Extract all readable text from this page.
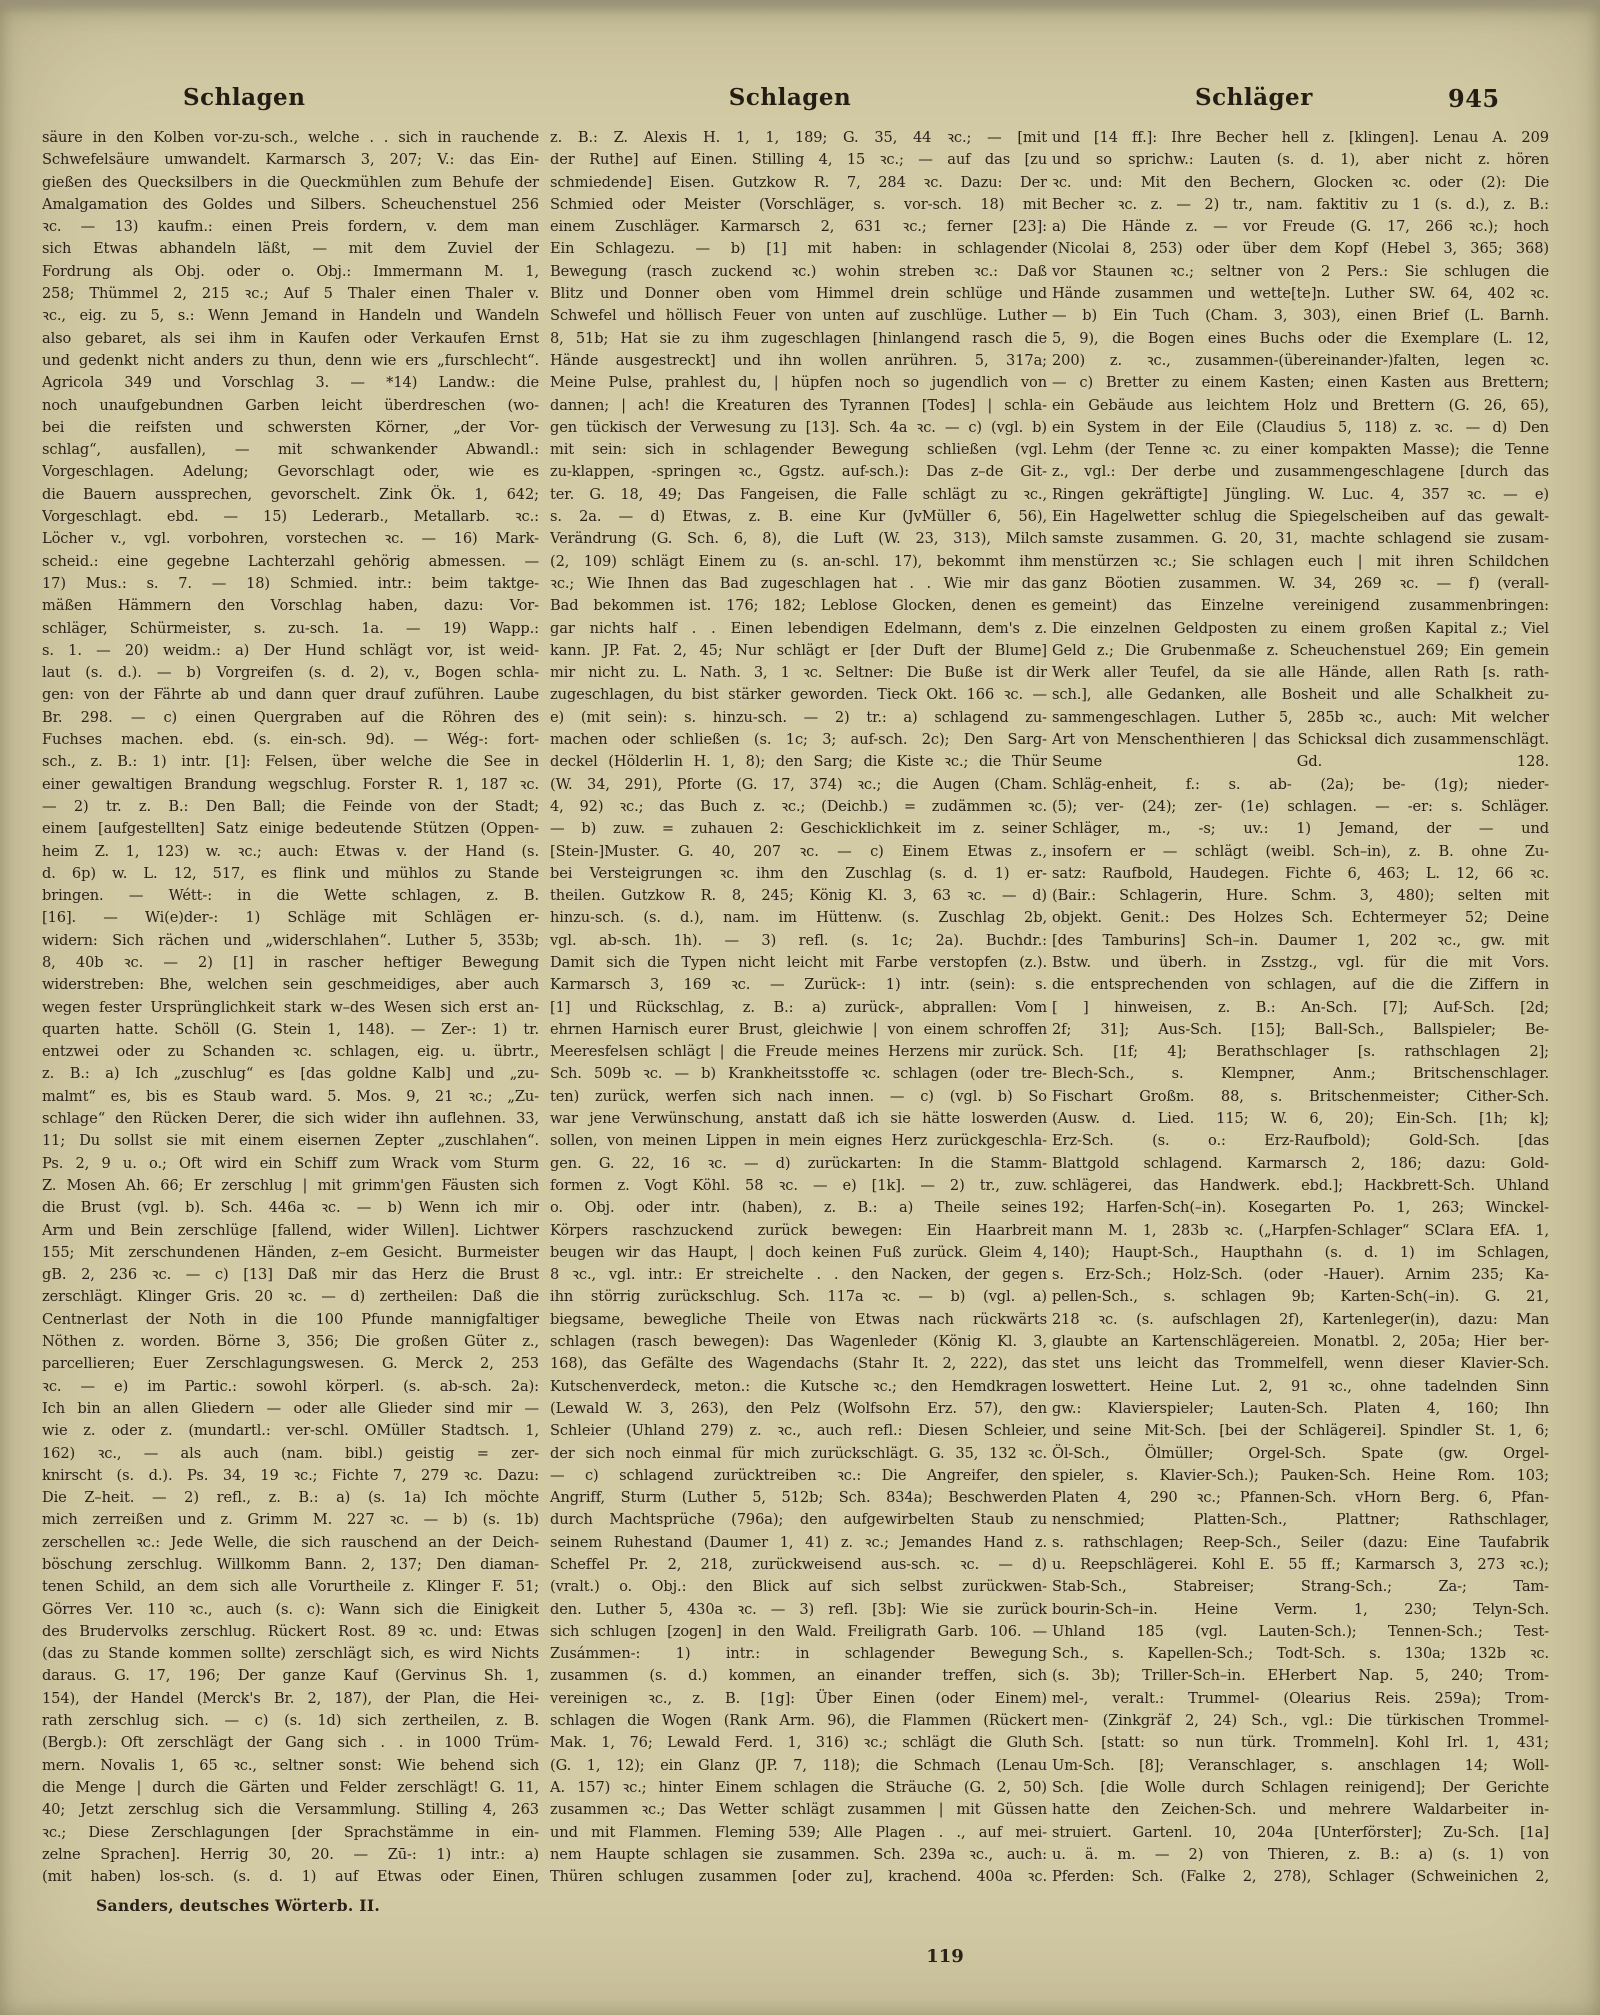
Schlagen	Schlagen	Schläger	945
säure in den Kolben vor-zu-sch., welche . . sich in rauchende
Schwefelsäure umwandelt. Karmarsch 3, 207; V.: das Ein-
gießen des Quecksilbers in die Queckmühlen zum Behufe der
Amalgamation des Goldes und Silbers. Scheuchenstuel 256
ꝛc. — 13) kaufm.: einen Preis fordern, v. dem man
sich Etwas abhandeln läßt, — mit dem Zuviel der
Fordrung als Obj. oder o. Obj.: Immermann M. 1,
258; Thümmel 2, 215 ꝛc.; Auf 5 Thaler einen Thaler v.
ꝛc., eig. zu 5, s.: Wenn Jemand in Handeln und Wandeln
also gebaret, als sei ihm in Kaufen oder Verkaufen Ernst
und gedenkt nicht anders zu thun, denn wie ers „furschlecht“.
Agricola 349 und Vorschlag 3. — *14) Landw.: die
noch unaufgebundnen Garben leicht überdreschen (wo-
bei die reifsten und schwersten Körner, „der Vor-
schlag“, ausfallen), — mit schwankender Abwandl.:
Vorgeschlagen. Adelung; Gevorschlagt oder, wie es
die Bauern aussprechen, gevorschelt. Zink Ök. 1, 642;
Vorgeschlagt. ebd. — 15) Lederarb., Metallarb. ꝛc.:
Löcher v., vgl. vorbohren, vorstechen ꝛc. — 16) Mark-
scheid.: eine gegebne Lachterzahl gehörig abmessen. —
17) Mus.: s. 7. — 18) Schmied. intr.: beim taktge-
mäßen Hämmern den Vorschlag haben, dazu: Vor-
schläger, Schürmeister, s. zu-sch. 1a. — 19) Wapp.:
s. 1. — 20) weidm.: a) Der Hund schlägt vor, ist weid-
laut (s. d.). — b) Vorgreifen (s. d. 2), v., Bogen schla-
gen: von der Fährte ab und dann quer drauf zuführen. Laube
Br. 298. — c) einen Quergraben auf die Röhren des
Fuchses machen. ebd. (s. ein-sch. 9d). — Wég-: fort-
sch., z. B.: 1) intr. [1]: Felsen, über welche die See in
einer gewaltigen Brandung wegschlug. Forster R. 1, 187 ꝛc.
— 2) tr. z. B.: Den Ball; die Feinde von der Stadt;
einem [aufgestellten] Satz einige bedeutende Stützen (Oppen-
heim Z. 1, 123) w. ꝛc.; auch: Etwas v. der Hand (s.
d. 6p) w. L. 12, 517, es flink und mühlos zu Stande
bringen. — Wétt-: in die Wette schlagen, z. B.
[16]. — Wi(e)der-: 1) Schläge mit Schlägen er-
widern: Sich rächen und „widerschlahen“. Luther 5, 353b;
8, 40b ꝛc. — 2) [1] in rascher heftiger Bewegung
widerstreben: Bhe, welchen sein geschmeidiges, aber auch
wegen fester Ursprünglichkeit stark w–des Wesen sich erst an-
quarten hatte. Schöll (G. Stein 1, 148). — Zer-: 1) tr.
entzwei oder zu Schanden ꝛc. schlagen, eig. u. übrtr.,
z. B.: a) Ich „zuschlug“ es [das goldne Kalb] und „zu-
malmt“ es, bis es Staub ward. 5. Mos. 9, 21 ꝛc.; „Zu-
schlage“ den Rücken Derer, die sich wider ihn auflehnen. 33,
11; Du sollst sie mit einem eisernen Zepter „zuschlahen“.
Ps. 2, 9 u. o.; Oft wird ein Schiff zum Wrack vom Sturm
Z. Mosen Ah. 66; Er zerschlug | mit grimm'gen Fäusten sich
die Brust (vgl. b). Sch. 446a ꝛc. — b) Wenn ich mir
Arm und Bein zerschlüge [fallend, wider Willen]. Lichtwer
155; Mit zerschundenen Händen, z–em Gesicht. Burmeister
gB. 2, 236 ꝛc. — c) [13] Daß mir das Herz die Brust
zerschlägt. Klinger Gris. 20 ꝛc. — d) zertheilen: Daß die
Centnerlast der Noth in die 100 Pfunde mannigfaltiger
Nöthen z. worden. Börne 3, 356; Die großen Güter z.,
parcellieren; Euer Zerschlagungswesen. G. Merck 2, 253
ꝛc. — e) im Partic.: sowohl körperl. (s. ab-sch. 2a):
Ich bin an allen Gliedern — oder alle Glieder sind mir —
wie z. oder z. (mundartl.: ver-schl. OMüller Stadtsch. 1,
162) ꝛc., — als auch (nam. bibl.) geistig = zer-
knirscht (s. d.). Ps. 34, 19 ꝛc.; Fichte 7, 279 ꝛc. Dazu:
Die Z–heit. — 2) refl., z. B.: a) (s. 1a) Ich möchte
mich zerreißen und z. Grimm M. 227 ꝛc. — b) (s. 1b)
zerschellen ꝛc.: Jede Welle, die sich rauschend an der Deich-
böschung zerschlug. Willkomm Bann. 2, 137; Den diaman-
tenen Schild, an dem sich alle Vorurtheile z. Klinger F. 51;
Görres Ver. 110 ꝛc., auch (s. c): Wann sich die Einigkeit
des Brudervolks zerschlug. Rückert Rost. 89 ꝛc. und: Etwas
(das zu Stande kommen sollte) zerschlägt sich, es wird Nichts
daraus. G. 17, 196; Der ganze Kauf (Gervinus Sh. 1,
154), der Handel (Merck's Br. 2, 187), der Plan, die Hei-
rath zerschlug sich. — c) (s. 1d) sich zertheilen, z. B.
(Bergb.): Oft zerschlägt der Gang sich . . in 1000 Trüm-
mern. Novalis 1, 65 ꝛc., seltner sonst: Wie behend sich
die Menge | durch die Gärten und Felder zerschlägt! G. 11,
40; Jetzt zerschlug sich die Versammlung. Stilling 4, 263
ꝛc.; Diese Zerschlagungen [der Sprachstämme in ein-
zelne Sprachen]. Herrig 30, 20. — Zū-: 1) intr.: a)
(mit haben) los-sch. (s. d. 1) auf Etwas oder Einen,
z. B.: Z. Alexis H. 1, 1, 189; G. 35, 44 ꝛc.; — [mit
der Ruthe] auf Einen. Stilling 4, 15 ꝛc.; — auf das [zu
schmiedende] Eisen. Gutzkow R. 7, 284 ꝛc. Dazu: Der
Schmied oder Meister (Vorschläger, s. vor-sch. 18) mit
einem Zuschläger. Karmarsch 2, 631 ꝛc.; ferner [23]:
Ein Schlagezu. — b) [1] mit haben: in schlagender
Bewegung (rasch zuckend ꝛc.) wohin streben ꝛc.: Daß
Blitz und Donner oben vom Himmel drein schlüge und
Schwefel und höllisch Feuer von unten auf zuschlüge. Luther
8, 51b; Hat sie zu ihm zugeschlagen [hinlangend rasch die
Hände ausgestreckt] und ihn wollen anrühren. 5, 317a;
Meine Pulse, prahlest du, | hüpfen noch so jugendlich von
dannen; | ach! die Kreaturen des Tyrannen [Todes] | schla-
gen tückisch der Verwesung zu [13]. Sch. 4a ꝛc. — c) (vgl. b)
mit sein: sich in schlagender Bewegung schließen (vgl.
zu-klappen, -springen ꝛc., Ggstz. auf-sch.): Das z–de Git-
ter. G. 18, 49; Das Fangeisen, die Falle schlägt zu ꝛc.,
s. 2a. — d) Etwas, z. B. eine Kur (JvMüller 6, 56),
Verändrung (G. Sch. 6, 8), die Luft (W. 23, 313), Milch
(2, 109) schlägt Einem zu (s. an-schl. 17), bekommt ihm
ꝛc.; Wie Ihnen das Bad zugeschlagen hat . . Wie mir das
Bad bekommen ist. 176; 182; Leblose Glocken, denen es
gar nichts half . . Einen lebendigen Edelmann, dem's z.
kann. JP. Fat. 2, 45; Nur schlägt er [der Duft der Blume]
mir nicht zu. L. Nath. 3, 1 ꝛc. Seltner: Die Buße ist dir
zugeschlagen, du bist stärker geworden. Tieck Okt. 166 ꝛc. —
e) (mit sein): s. hinzu-sch. — 2) tr.: a) schlagend zu-
machen oder schließen (s. 1c; 3; auf-sch. 2c); Den Sarg-
deckel (Hölderlin H. 1, 8); den Sarg; die Kiste ꝛc.; die Thür
(W. 34, 291), Pforte (G. 17, 374) ꝛc.; die Augen (Cham.
4, 92) ꝛc.; das Buch z. ꝛc.; (Deichb.) = zudämmen ꝛc.
— b) zuw. = zuhauen 2: Geschicklichkeit im z. seiner
[Stein-]Muster. G. 40, 207 ꝛc. — c) Einem Etwas z.,
bei Versteigrungen ꝛc. ihm den Zuschlag (s. d. 1) er-
theilen. Gutzkow R. 8, 245; König Kl. 3, 63 ꝛc. — d)
hinzu-sch. (s. d.), nam. im Hüttenw. (s. Zuschlag 2b,
vgl. ab-sch. 1h). — 3) refl. (s. 1c; 2a). Buchdr.:
Damit sich die Typen nicht leicht mit Farbe verstopfen (z.).
Karmarsch 3, 169 ꝛc. — Zurück-: 1) intr. (sein): s.
[1] und Rückschlag, z. B.: a) zurück-, abprallen: Vom
ehrnen Harnisch eurer Brust, gleichwie | von einem schroffen
Meeresfelsen schlägt | die Freude meines Herzens mir zurück.
Sch. 509b ꝛc. — b) Krankheitsstoffe ꝛc. schlagen (oder tre-
ten) zurück, werfen sich nach innen. — c) (vgl. b) So
war jene Verwünschung, anstatt daß ich sie hätte loswerden
sollen, von meinen Lippen in mein eignes Herz zurückgeschla-
gen. G. 22, 16 ꝛc. — d) zurückarten: In die Stamm-
formen z. Vogt Köhl. 58 ꝛc. — e) [1k]. — 2) tr., zuw.
o. Obj. oder intr. (haben), z. B.: a) Theile seines
Körpers raschzuckend zurück bewegen: Ein Haarbreit
beugen wir das Haupt, | doch keinen Fuß zurück. Gleim 4,
8 ꝛc., vgl. intr.: Er streichelte . . den Nacken, der gegen
ihn störrig zurückschlug. Sch. 117a ꝛc. — b) (vgl. a)
biegsame, bewegliche Theile von Etwas nach rückwärts
schlagen (rasch bewegen): Das Wagenleder (König Kl. 3,
168), das Gefälte des Wagendachs (Stahr It. 2, 222), das
Kutschenverdeck, meton.: die Kutsche ꝛc.; den Hemdkragen
(Lewald W. 3, 263), den Pelz (Wolfsohn Erz. 57), den
Schleier (Uhland 279) z. ꝛc., auch refl.: Diesen Schleier,
der sich noch einmal für mich zurückschlägt. G. 35, 132 ꝛc.
— c) schlagend zurücktreiben ꝛc.: Die Angreifer, den
Angriff, Sturm (Luther 5, 512b; Sch. 834a); Beschwerden
durch Machtsprüche (796a); den aufgewirbelten Staub zu
seinem Ruhestand (Daumer 1, 41) z. ꝛc.; Jemandes Hand z.
Scheffel Pr. 2, 218, zurückweisend aus-sch. ꝛc. — d)
(vralt.) o. Obj.: den Blick auf sich selbst zurückwen-
den. Luther 5, 430a ꝛc. — 3) refl. [3b]: Wie sie zurück
sich schlugen [zogen] in den Wald. Freiligrath Garb. 106. —
Zusámmen-: 1) intr.: in schlagender Bewegung
zusammen (s. d.) kommen, an einander treffen, sich
vereinigen ꝛc., z. B. [1g]: Über Einen (oder Einem)
schlagen die Wogen (Rank Arm. 96), die Flammen (Rückert
Mak. 1, 76; Lewald Ferd. 1, 316) ꝛc.; schlägt die Gluth
(G. 1, 12); ein Glanz (JP. 7, 118); die Schmach (Lenau
A. 157) ꝛc.; hinter Einem schlagen die Sträuche (G. 2, 50)
zusammen ꝛc.; Das Wetter schlägt zusammen | mit Güssen
und mit Flammen. Fleming 539; Alle Plagen . ., auf mei-
nem Haupte schlagen sie zusammen. Sch. 239a ꝛc., auch:
Thüren schlugen zusammen [oder zu], krachend. 400a ꝛc.
und [14 ff.]: Ihre Becher hell z. [klingen]. Lenau A. 209
und so sprichw.: Lauten (s. d. 1), aber nicht z. hören
ꝛc. und: Mit den Bechern, Glocken ꝛc. oder (2): Die
Becher ꝛc. z. — 2) tr., nam. faktitiv zu 1 (s. d.), z. B.:
a) Die Hände z. — vor Freude (G. 17, 266 ꝛc.); hoch
(Nicolai 8, 253) oder über dem Kopf (Hebel 3, 365; 368)
vor Staunen ꝛc.; seltner von 2 Pers.: Sie schlugen die
Hände zusammen und wette[te]n. Luther SW. 64, 402 ꝛc.
— b) Ein Tuch (Cham. 3, 303), einen Brief (L. Barnh.
5, 9), die Bogen eines Buchs oder die Exemplare (L. 12,
200) z. ꝛc., zusammen-(übereinander-)falten, legen ꝛc.
— c) Bretter zu einem Kasten; einen Kasten aus Brettern;
ein Gebäude aus leichtem Holz und Brettern (G. 26, 65),
ein System in der Eile (Claudius 5, 118) z. ꝛc. — d) Den
Lehm (der Tenne ꝛc. zu einer kompakten Masse); die Tenne
z., vgl.: Der derbe und zusammengeschlagene [durch das
Ringen gekräftigte] Jüngling. W. Luc. 4, 357 ꝛc. — e)
Ein Hagelwetter schlug die Spiegelscheiben auf das gewalt-
samste zusammen. G. 20, 31, machte schlagend sie zusam-
menstürzen ꝛc.; Sie schlagen euch | mit ihren Schildchen
ganz Böotien zusammen. W. 34, 269 ꝛc. — f) (verall-
gemeint) das Einzelne vereinigend zusammenbringen:
Die einzelnen Geldposten zu einem großen Kapital z.; Viel
Geld z.; Die Grubenmaße z. Scheuchenstuel 269; Ein gemein
Werk aller Teufel, da sie alle Hände, allen Rath [s. rath-
sch.], alle Gedanken, alle Bosheit und alle Schalkheit zu-
sammengeschlagen. Luther 5, 285b ꝛc., auch: Mit welcher
Art von Menschenthieren | das Schicksal dich zusammenschlägt.
Seume Gd. 128.
Schläg-enheit, f.: s. ab- (2a); be- (1g); nieder-
(5); ver- (24); zer- (1e) schlagen. — -er: s. Schläger.
Schläger, m., -s; uv.: 1) Jemand, der — und
insofern er — schlägt (weibl. Sch–in), z. B. ohne Zu-
satz: Raufbold, Haudegen. Fichte 6, 463; L. 12, 66 ꝛc.
(Bair.: Schlagerin, Hure. Schm. 3, 480); selten mit
objekt. Genit.: Des Holzes Sch. Echtermeyer 52; Deine
[des Tamburins] Sch–in. Daumer 1, 202 ꝛc., gw. mit
Bstw. und überh. in Zsstzg., vgl. für die mit Vors.
die entsprechenden von schlagen, auf die die Ziffern in
[ ] hinweisen, z. B.: An-Sch. [7]; Auf-Sch. [2d;
2f; 31]; Aus-Sch. [15]; Ball-Sch., Ballspieler; Be-
Sch. [1f; 4]; Berathschlager [s. rathschlagen 2];
Blech-Sch., s. Klempner, Anm.; Britschenschlager.
Fischart Großm. 88, s. Britschenmeister; Cither-Sch.
(Ausw. d. Lied. 115; W. 6, 20); Ein-Sch. [1h; k];
Erz-Sch. (s. o.: Erz-Raufbold); Gold-Sch. [das
Blattgold schlagend. Karmarsch 2, 186; dazu: Gold-
schlägerei, das Handwerk. ebd.]; Hackbrett-Sch. Uhland
192; Harfen-Sch(–in). Kosegarten Po. 1, 263; Winckel-
mann M. 1, 283b ꝛc. („Harpfen-Schlager“ SClara EfA. 1,
140); Haupt-Sch., Haupthahn (s. d. 1) im Schlagen,
s. Erz-Sch.; Holz-Sch. (oder -Hauer). Arnim 235; Ka-
pellen-Sch., s. schlagen 9b; Karten-Sch(–in). G. 21,
218 ꝛc. (s. aufschlagen 2f), Kartenleger(in), dazu: Man
glaubte an Kartenschlägereien. Monatbl. 2, 205a; Hier ber-
stet uns leicht das Trommelfell, wenn dieser Klavier-Sch.
loswettert. Heine Lut. 2, 91 ꝛc., ohne tadelnden Sinn
gw.: Klavierspieler; Lauten-Sch. Platen 4, 160; Ihn
und seine Mit-Sch. [bei der Schlägerei]. Spindler St. 1, 6;
Öl-Sch., Ölmüller; Orgel-Sch. Spate (gw. Orgel-
spieler, s. Klavier-Sch.); Pauken-Sch. Heine Rom. 103;
Platen 4, 290 ꝛc.; Pfannen-Sch. vHorn Berg. 6, Pfan-
nenschmied; Platten-Sch., Plattner; Rathschlager,
s. rathschlagen; Reep-Sch., Seiler (dazu: Eine Taufabrik
u. Reepschlägerei. Kohl E. 55 ff.; Karmarsch 3, 273 ꝛc.);
Stab-Sch., Stabreiser; Strang-Sch.; Za-; Tam-
bourin-Sch–in. Heine Verm. 1, 230; Telyn-Sch.
Uhland 185 (vgl. Lauten-Sch.); Tennen-Sch.; Test-
Sch., s. Kapellen-Sch.; Todt-Sch. s. 130a; 132b ꝛc.
(s. 3b); Triller-Sch–in. EHerbert Nap. 5, 240; Trom-
mel-, veralt.: Trummel- (Olearius Reis. 259a); Trom-
men- (Zinkgräf 2, 24) Sch., vgl.: Die türkischen Trommel-
Sch. [statt: so nun türk. Trommeln]. Kohl Irl. 1, 431;
Um-Sch. [8]; Veranschlager, s. anschlagen 14; Woll-
Sch. [die Wolle durch Schlagen reinigend]; Der Gerichte
hatte den Zeichen-Sch. und mehrere Waldarbeiter in-
struiert. Gartenl. 10, 204a [Unterförster]; Zu-Sch. [1a]
u. ä. m. — 2) von Thieren, z. B.: a) (s. 1) von
Pferden: Sch. (Falke 2, 278), Schlager (Schweinichen 2,
Sanders, deutsches Wörterb. II.
119
